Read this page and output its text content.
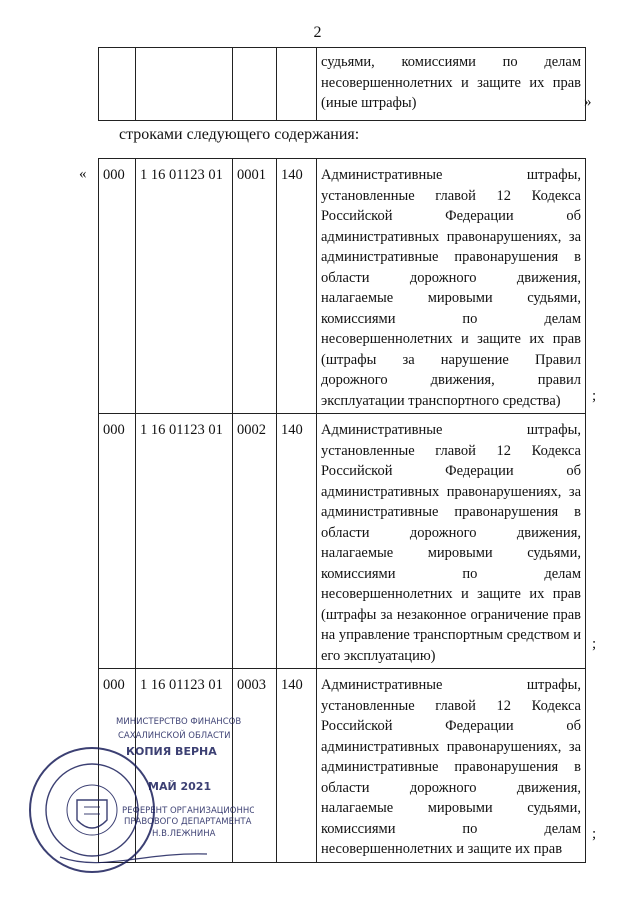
2
				судьями, комиссиями по делам несовершеннолетних и защите их прав (иные штрафы)	»
строками следующего содержания:
« 000	1 16 01123 01	0001	140	Административные штрафы, установленные главой 12 Кодекса Российской Федерации об административных правонарушениях, за административные правонарушения в области дорожного движения, налагаемые мировыми судьями, комиссиями по делам несовершеннолетних и защите их прав (штрафы за нарушение Правил дорожного движения, правил эксплуатации транспортного средства)
000	1 16 01123 01	0002	140	Административные штрафы, установленные главой 12 Кодекса Российской Федерации об административных правонарушениях, за административные правонарушения в области дорожного движения, налагаемые мировыми судьями, комиссиями по делам несовершеннолетних и защите их прав (штрафы за незаконное ограничение прав на управление транспортным средством и его эксплуатацию)
000	1 16 01123 01	0003	140	Административные штрафы, установленные главой 12 Кодекса Российской Федерации об административных правонарушениях, за административные правонарушения в области дорожного движения, налагаемые мировыми судьями, комиссиями по делам несовершеннолетних и защите их прав
;
;
;
МИНИСТЕРСТВО ФИНАНСОВ
САХАЛИНСКОЙ ОБЛАСТИ
КОПИЯ ВЕРНА
МАЙ 2021
РЕФЕРЕНТ ОРГАНИЗАЦИОННО -
ПРАВОВОГО ДЕПАРТАМЕНТА
Н.В.ЛЕЖНИНА
